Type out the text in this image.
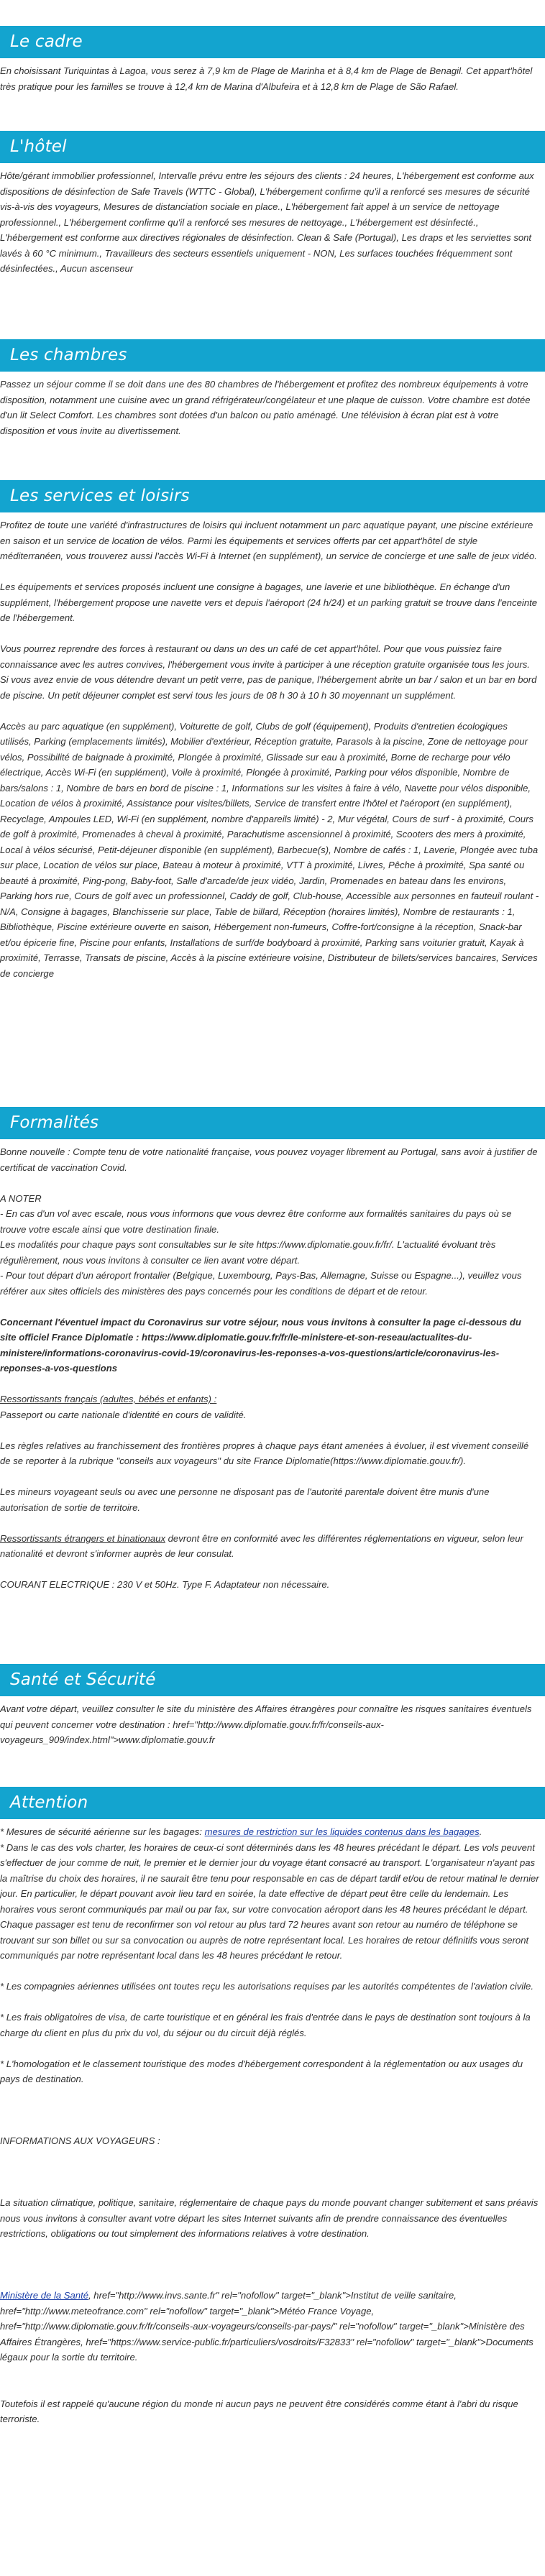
Le cadre

En choisissant Turiquintas à Lagoa, vous serez à 7,9 km de Plage de Marinha et à 8,4 km de Plage de Benagil. Cet appart'hôtel très pratique pour les familles se trouve à 12,4 km de Marina d'Albufeira et à 12,8 km de Plage de São Rafael.

L'hôtel

Hôte/gérant immobilier professionnel, Intervalle prévu entre les séjours des clients : 24 heures, L'hébergement est conforme aux dispositions de désinfection de Safe Travels (WTTC - Global), L'hébergement confirme qu'il a renforcé ses mesures de sécurité vis-à-vis des voyageurs, Mesures de distanciation sociale en place., L'hébergement fait appel à un service de nettoyage professionnel., L'hébergement confirme qu'il a renforcé ses mesures de nettoyage., L'hébergement est désinfecté., L'hébergement est conforme aux directives régionales de désinfection. Clean & Safe (Portugal), Les draps et les serviettes sont lavés à 60 °C minimum., Travailleurs des secteurs essentiels uniquement - NON, Les surfaces touchées fréquemment sont désinfectées., Aucun ascenseur

Les chambres

Passez un séjour comme il se doit dans une des 80 chambres de l'hébergement et profitez des nombreux équipements à votre disposition, notamment une cuisine avec un grand réfrigérateur/congélateur et une plaque de cuisson. Votre chambre est dotée d'un lit Select Comfort. Les chambres sont dotées d'un balcon ou patio aménagé. Une télévision à écran plat est à votre disposition et vous invite au divertissement.

Les services et loisirs

Profitez de toute une variété d'infrastructures de loisirs qui incluent notamment un parc aquatique payant, une piscine extérieure en saison et un service de location de vélos. Parmi les équipements et services offerts par cet appart'hôtel de style méditerranéen, vous trouverez aussi l'accès Wi-Fi à Internet (en supplément), un service de concierge et une salle de jeux vidéo.

Les équipements et services proposés incluent une consigne à bagages, une laverie et une bibliothèque. En échange d'un supplément, l'hébergement propose une navette vers et depuis l'aéroport (24 h/24) et un parking gratuit se trouve dans l'enceinte de l'hébergement.

Vous pourrez reprendre des forces à restaurant ou dans un des un café de cet appart'hôtel. Pour que vous puissiez faire connaissance avec les autres convives, l'hébergement vous invite à participer à une réception gratuite organisée tous les jours. Si vous avez envie de vous détendre devant un petit verre, pas de panique, l'hébergement abrite un bar / salon et un bar en bord de piscine. Un petit déjeuner complet est servi tous les jours de 08 h 30 à 10 h 30 moyennant un supplément.

Accès au parc aquatique (en supplément), Voiturette de golf, Clubs de golf (équipement), Produits d'entretien écologiques utilisés, Parking (emplacements limités), Mobilier d'extérieur, Réception gratuite, Parasols à la piscine, Zone de nettoyage pour vélos, Possibilité de baignade à proximité, Plongée à proximité, Glissade sur eau à proximité, Borne de recharge pour vélo électrique, Accès Wi-Fi (en supplément), Voile à proximité, Plongée à proximité, Parking pour vélos disponible, Nombre de bars/salons : 1, Nombre de bars en bord de piscine : 1, Informations sur les visites à faire à vélo, Navette pour vélos disponible, Location de vélos à proximité, Assistance pour visites/billets, Service de transfert entre l'hôtel et l'aéroport (en supplément), Recyclage, Ampoules LED, Wi-Fi (en supplément, nombre d'appareils limité) - 2, Mur végétal, Cours de surf - à proximité, Cours de golf à proximité, Promenades à cheval à proximité, Parachutisme ascensionnel à proximité, Scooters des mers à proximité, Local à vélos sécurisé, Petit-déjeuner disponible (en supplément), Barbecue(s), Nombre de cafés : 1, Laverie, Plongée avec tuba sur place, Location de vélos sur place, Bateau à moteur à proximité, VTT à proximité, Livres, Pêche à proximité, Spa santé ou beauté à proximité, Ping-pong, Baby-foot, Salle d'arcade/de jeux vidéo, Jardin, Promenades en bateau dans les environs, Parking hors rue, Cours de golf avec un professionnel, Caddy de golf, Club-house, Accessible aux personnes en fauteuil roulant - N/A, Consigne à bagages, Blanchisserie sur place, Table de billard, Réception (horaires limités), Nombre de restaurants : 1, Bibliothèque, Piscine extérieure ouverte en saison, Hébergement non-fumeurs, Coffre-fort/consigne à la réception, Snack-bar et/ou épicerie fine, Piscine pour enfants, Installations de surf/de bodyboard à proximité, Parking sans voiturier gratuit, Kayak à proximité, Terrasse, Transats de piscine, Accès à la piscine extérieure voisine, Distributeur de billets/services bancaires, Services de concierge

Formalités

Bonne nouvelle : Compte tenu de votre nationalité française, vous pouvez voyager librement au Portugal, sans avoir à justifier de certificat de vaccination Covid.

A NOTER

- En cas d'un vol avec escale, nous vous informons que vous devrez être conforme aux formalités sanitaires du pays où se trouve votre escale ainsi que votre destination finale.

Les modalités pour chaque pays sont consultables sur le site https://www.diplomatie.gouv.fr/fr/. L'actualité évoluant très régulièrement, nous vous invitons à consulter ce lien avant votre départ.

- Pour tout départ d'un aéroport frontalier (Belgique, Luxembourg, Pays-Bas, Allemagne, Suisse ou Espagne...), veuillez vous référer aux sites officiels des ministères des pays concernés pour les conditions de départ et de retour.

Concernant l'éventuel impact du Coronavirus sur votre séjour, nous vous invitons à consulter la page ci-dessous du site officiel France Diplomatie : https://www.diplomatie.gouv.fr/fr/le-ministere-et-son-reseau/actualites-du-ministere/informations-coronavirus-covid-19/coronavirus-les-reponses-a-vos-questions/article/coronavirus-les-reponses-a-vos-questions

Ressortissants français (adultes, bébés et enfants) :

Passeport ou carte nationale d'identité en cours de validité.

Les règles relatives au franchissement des frontières propres à chaque pays étant amenées à évoluer, il est vivement conseillé de se reporter à la rubrique "conseils aux voyageurs" du site France Diplomatie(https://www.diplomatie.gouv.fr/).

Les mineurs voyageant seuls ou avec une personne ne disposant pas de l'autorité parentale doivent être munis d'une autorisation de sortie de territoire.

Ressortissants étrangers et binationaux devront être en conformité avec les différentes réglementations en vigueur, selon leur nationalité et devront s'informer auprès de leur consulat.

COURANT ELECTRIQUE : 230 V et 50Hz. Type F. Adaptateur non nécessaire.

Santé et Sécurité

Avant votre départ, veuillez consulter le site du ministère des Affaires étrangères pour connaître les risques sanitaires éventuels qui peuvent concerner votre destination : href="http://www.diplomatie.gouv.fr/fr/conseils-aux-voyageurs_909/index.html">www.diplomatie.gouv.fr

Attention

* Mesures de sécurité aérienne sur les bagages: mesures de restriction sur les liquides contenus dans les bagages.

* Dans le cas des vols charter, les horaires de ceux-ci sont déterminés dans les 48 heures précédant le départ. Les vols peuvent s'effectuer de jour comme de nuit, le premier et le dernier jour du voyage étant consacré au transport. L'organisateur n'ayant pas la maîtrise du choix des horaires, il ne saurait être tenu pour responsable en cas de départ tardif et/ou de retour matinal le dernier jour. En particulier, le départ pouvant avoir lieu tard en soirée, la date effective de départ peut être celle du lendemain. Les horaires vous seront communiqués par mail ou par fax, sur votre convocation aéroport dans les 48 heures précédant le départ. Chaque passager est tenu de reconfirmer son vol retour au plus tard 72 heures avant son retour au numéro de téléphone se trouvant sur son billet ou sur sa convocation ou auprès de notre représentant local. Les horaires de retour définitifs vous seront communiqués par notre représentant local dans les 48 heures précédant le retour.

* Les compagnies aériennes utilisées ont toutes reçu les autorisations requises par les autorités compétentes de l'aviation civile.

* Les frais obligatoires de visa, de carte touristique et en général les frais d'entrée dans le pays de destination sont toujours à la charge du client en plus du prix du vol, du séjour ou du circuit déjà réglés.

* L'homologation et le classement touristique des modes d'hébergement correspondent à la réglementation ou aux usages du pays de destination.

INFORMATIONS AUX VOYAGEURS :

La situation climatique, politique, sanitaire, réglementaire de chaque pays du monde pouvant changer subitement et sans préavis nous vous invitons à consulter avant votre départ les sites Internet suivants afin de prendre connaissance des éventuelles restrictions, obligations ou tout simplement des informations relatives à votre destination.

Ministère de la Santé, href="http://www.invs.sante.fr" rel="nofollow" target="_blank">Institut de veille sanitaire, href="http://www.meteofrance.com" rel="nofollow" target="_blank">Météo France Voyage, href="http://www.diplomatie.gouv.fr/fr/conseils-aux-voyageurs/conseils-par-pays/" rel="nofollow" target="_blank">Ministère des Affaires Étrangères, href="https://www.service-public.fr/particuliers/vosdroits/F32833" rel="nofollow" target="_blank">Documents légaux pour la sortie du territoire.

Toutefois il est rappelé qu'aucune région du monde ni aucun pays ne peuvent être considérés comme étant à l'abri du risque terroriste.
